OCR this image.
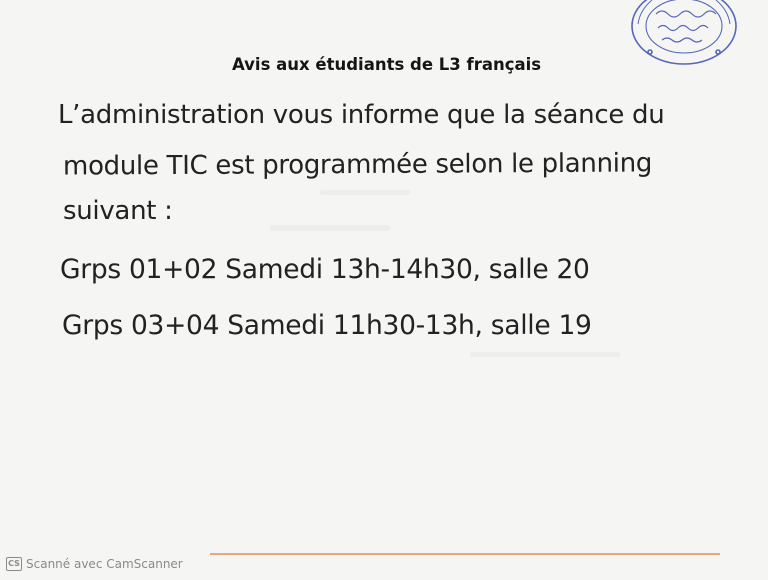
Avis aux étudiants de L3 français
L’administration vous informe que la séance du
module TIC est programmée selon le planning
suivant :
Grps 01+02 Samedi 13h-14h30, salle 20
Grps 03+04 Samedi 11h30-13h, salle 19
CS Scanné avec CamScanner
